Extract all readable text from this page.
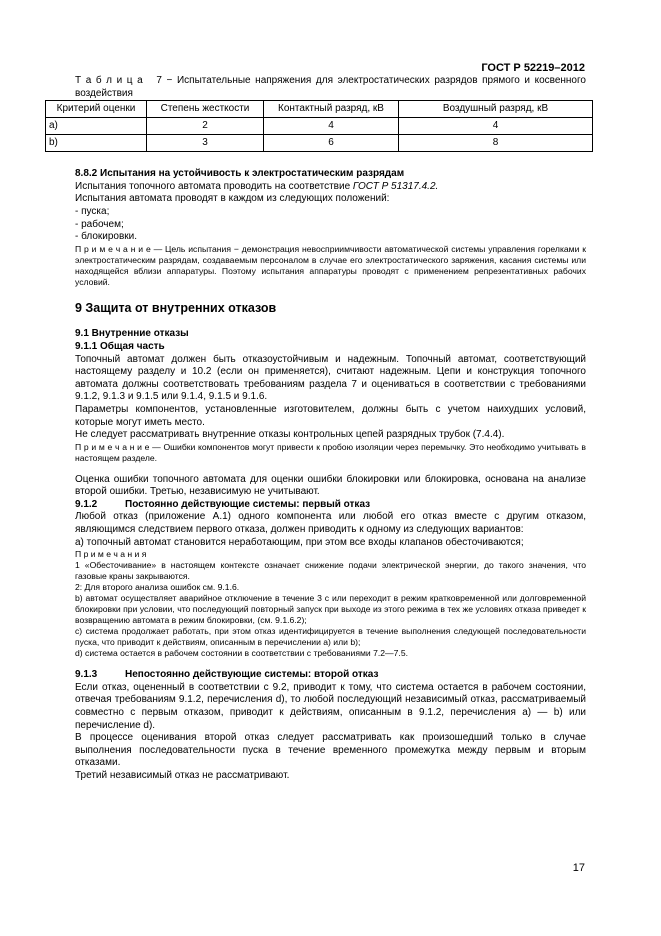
ГОСТ Р 52219–2012

Т а б л и ц а 7 − Испытательные напряжения для электростатических разрядов прямого и косвенного воздействия

Критерий оценки	Степень жесткости	Контактный разряд, кВ	Воздушный разряд, кВ
а)	2	4	4
b)	3	6	8

8.8.2 Испытания на устойчивость к электростатическим разрядам

Испытания топочного автомата проводить на соответствие ГОСТ Р 51317.4.2.

Испытания автомата проводят в каждом из следующих положений:

- пуска;

- рабочем;

- блокировки.

П р и м е ч а н и е — Цель испытания − демонстрация невосприимчивости автоматической системы управления горелками к электростатическим разрядам, создаваемым персоналом в случае его электростатического заряжения, касания системы или находящейся вблизи аппаратуры. Поэтому испытания аппаратуры проводят с применением репрезентативных рабочих условий.

9 Защита от внутренних отказов

9.1 Внутренние отказы

9.1.1 Общая часть

Топочный автомат должен быть отказоустойчивым и надежным. Топочный автомат, соответствующий настоящему разделу и 10.2 (если он применяется), считают надежным. Цепи и конструкция топочного автомата должны соответствовать требованиям раздела 7 и оцениваться в соответствии с требованиями 9.1.2, 9.1.3 и 9.1.5 или 9.1.4, 9.1.5 и 9.1.6.

Параметры компонентов, установленные изготовителем, должны быть с учетом наихудших условий, которые могут иметь место.

Не следует рассматривать внутренние отказы контрольных цепей разрядных трубок (7.4.4).

П р и м е ч а н и е — Ошибки компонентов могут привести к пробою изоляции через перемычку. Это необходимо учитывать в настоящем разделе.

Оценка ошибки топочного автомата для оценки ошибки блокировки или блокировка, основана на анализе второй ошибки. Третью, независимую не учитывают.

9.1.2	Постоянно действующие системы: первый отказ

Любой отказ (приложение А.1) одного компонента или любой его отказ вместе с другим отказом, являющимся следствием первого отказа, должен приводить к одному из следующих вариантов:

а) топочный автомат становится неработающим, при этом все входы клапанов обесточиваются;

П р и м е ч а н и я

1 «Обесточивание» в настоящем контексте означает снижение подачи электрической энергии, до такого значения, что газовые краны закрываются.

2: Для второго анализа ошибок см. 9.1.6.

b) автомат осуществляет аварийное отключение в течение 3 с или переходит в режим кратковременной или долговременной блокировки при условии, что последующий повторный запуск при выходе из этого режима в тех же условиях отказа приведет к возвращению автомата в режим блокировки, (см. 9.1.6.2);

c) система продолжает работать, при этом отказ идентифицируется в течение выполнения следующей последовательности пуска, что приводит к действиям, описанным в перечислении а) или b);

d) система остается в рабочем состоянии в соответствии с требованиями 7.2—7.5.

9.1.3	Непостоянно действующие системы: второй отказ

Если отказ, оцененный в соответствии с 9.2, приводит к тому, что система остается в рабочем состоянии, отвечая требованиям 9.1.2, перечисления d), то любой последующий независимый отказ, рассматриваемый совместно с первым отказом, приводит к действиям, описанным в 9.1.2, перечисления а) — b) или перечисление d).

В процессе оценивания второй отказ следует рассматривать как произошедший только в случае выполнения последовательности пуска в течение временного промежутка между первым и вторым отказами.

Третий независимый отказ не рассматривают.

17
